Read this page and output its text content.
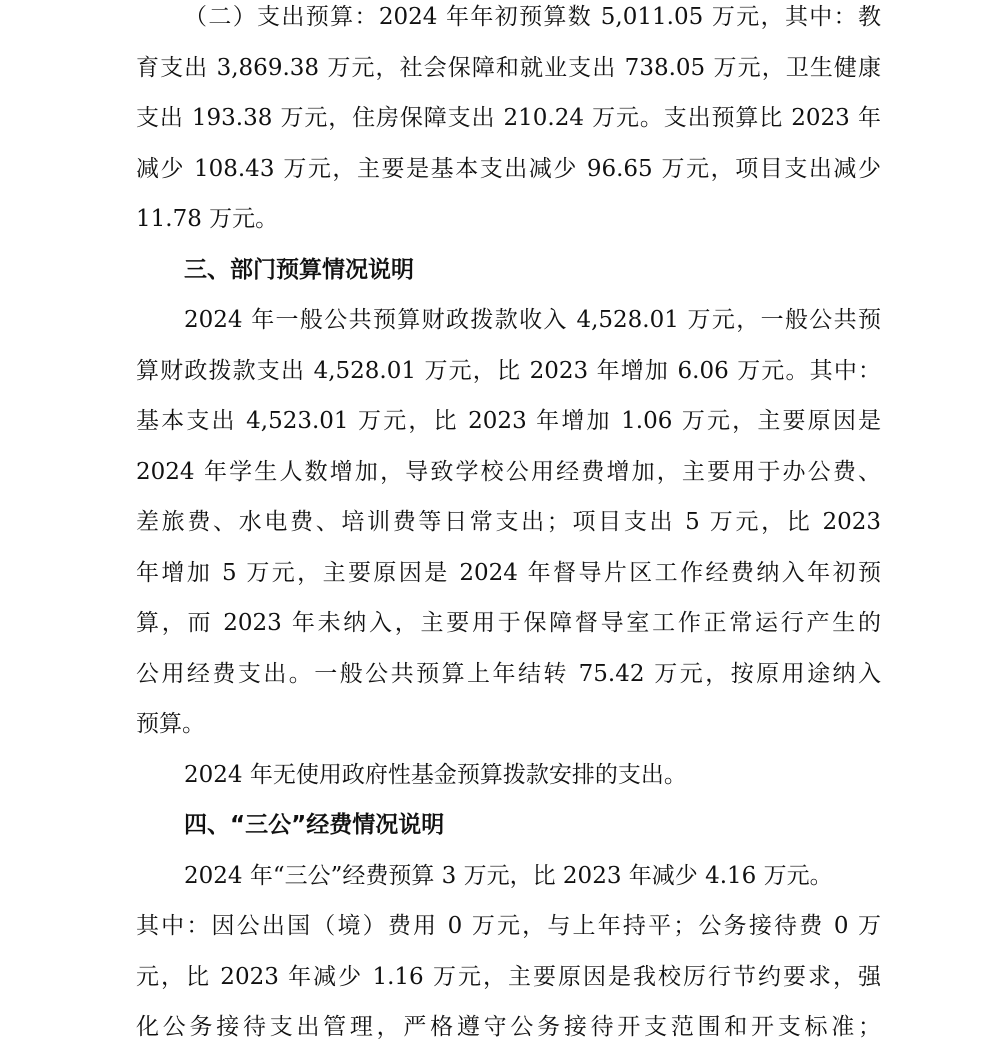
（二）支出预算：2024 年年初预算数 5,011.05 万元，其中：教
育支出 3,869.38 万元，社会保障和就业支出 738.05 万元，卫生健康
支出 193.38 万元，住房保障支出 210.24 万元。支出预算比 2023 年
减少 108.43 万元，主要是基本支出减少 96.65 万元，项目支出减少
11.78 万元。
三、部门预算情况说明
2024 年一般公共预算财政拨款收入 4,528.01 万元，一般公共预
算财政拨款支出 4,528.01 万元，比 2023 年增加 6.06 万元。其中：
基本支出 4,523.01 万元，比 2023 年增加 1.06 万元，主要原因是
2024 年学生人数增加，导致学校公用经费增加，主要用于办公费、
差旅费、水电费、培训费等日常支出；项目支出 5 万元，比 2023
年增加 5 万元，主要原因是 2024 年督导片区工作经费纳入年初预
算，而 2023 年未纳入，主要用于保障督导室工作正常运行产生的
公用经费支出。一般公共预算上年结转 75.42 万元，按原用途纳入
预算。
2024 年无使用政府性基金预算拨款安排的支出。
四、“三公”经费情况说明
2024 年“三公”经费预算 3 万元，比 2023 年减少 4.16 万元。
其中：因公出国（境）费用 0 万元，与上年持平；公务接待费 0 万
元，比 2023 年减少 1.16 万元，主要原因是我校厉行节约要求，强
化公务接待支出管理，严格遵守公务接待开支范围和开支标准；
